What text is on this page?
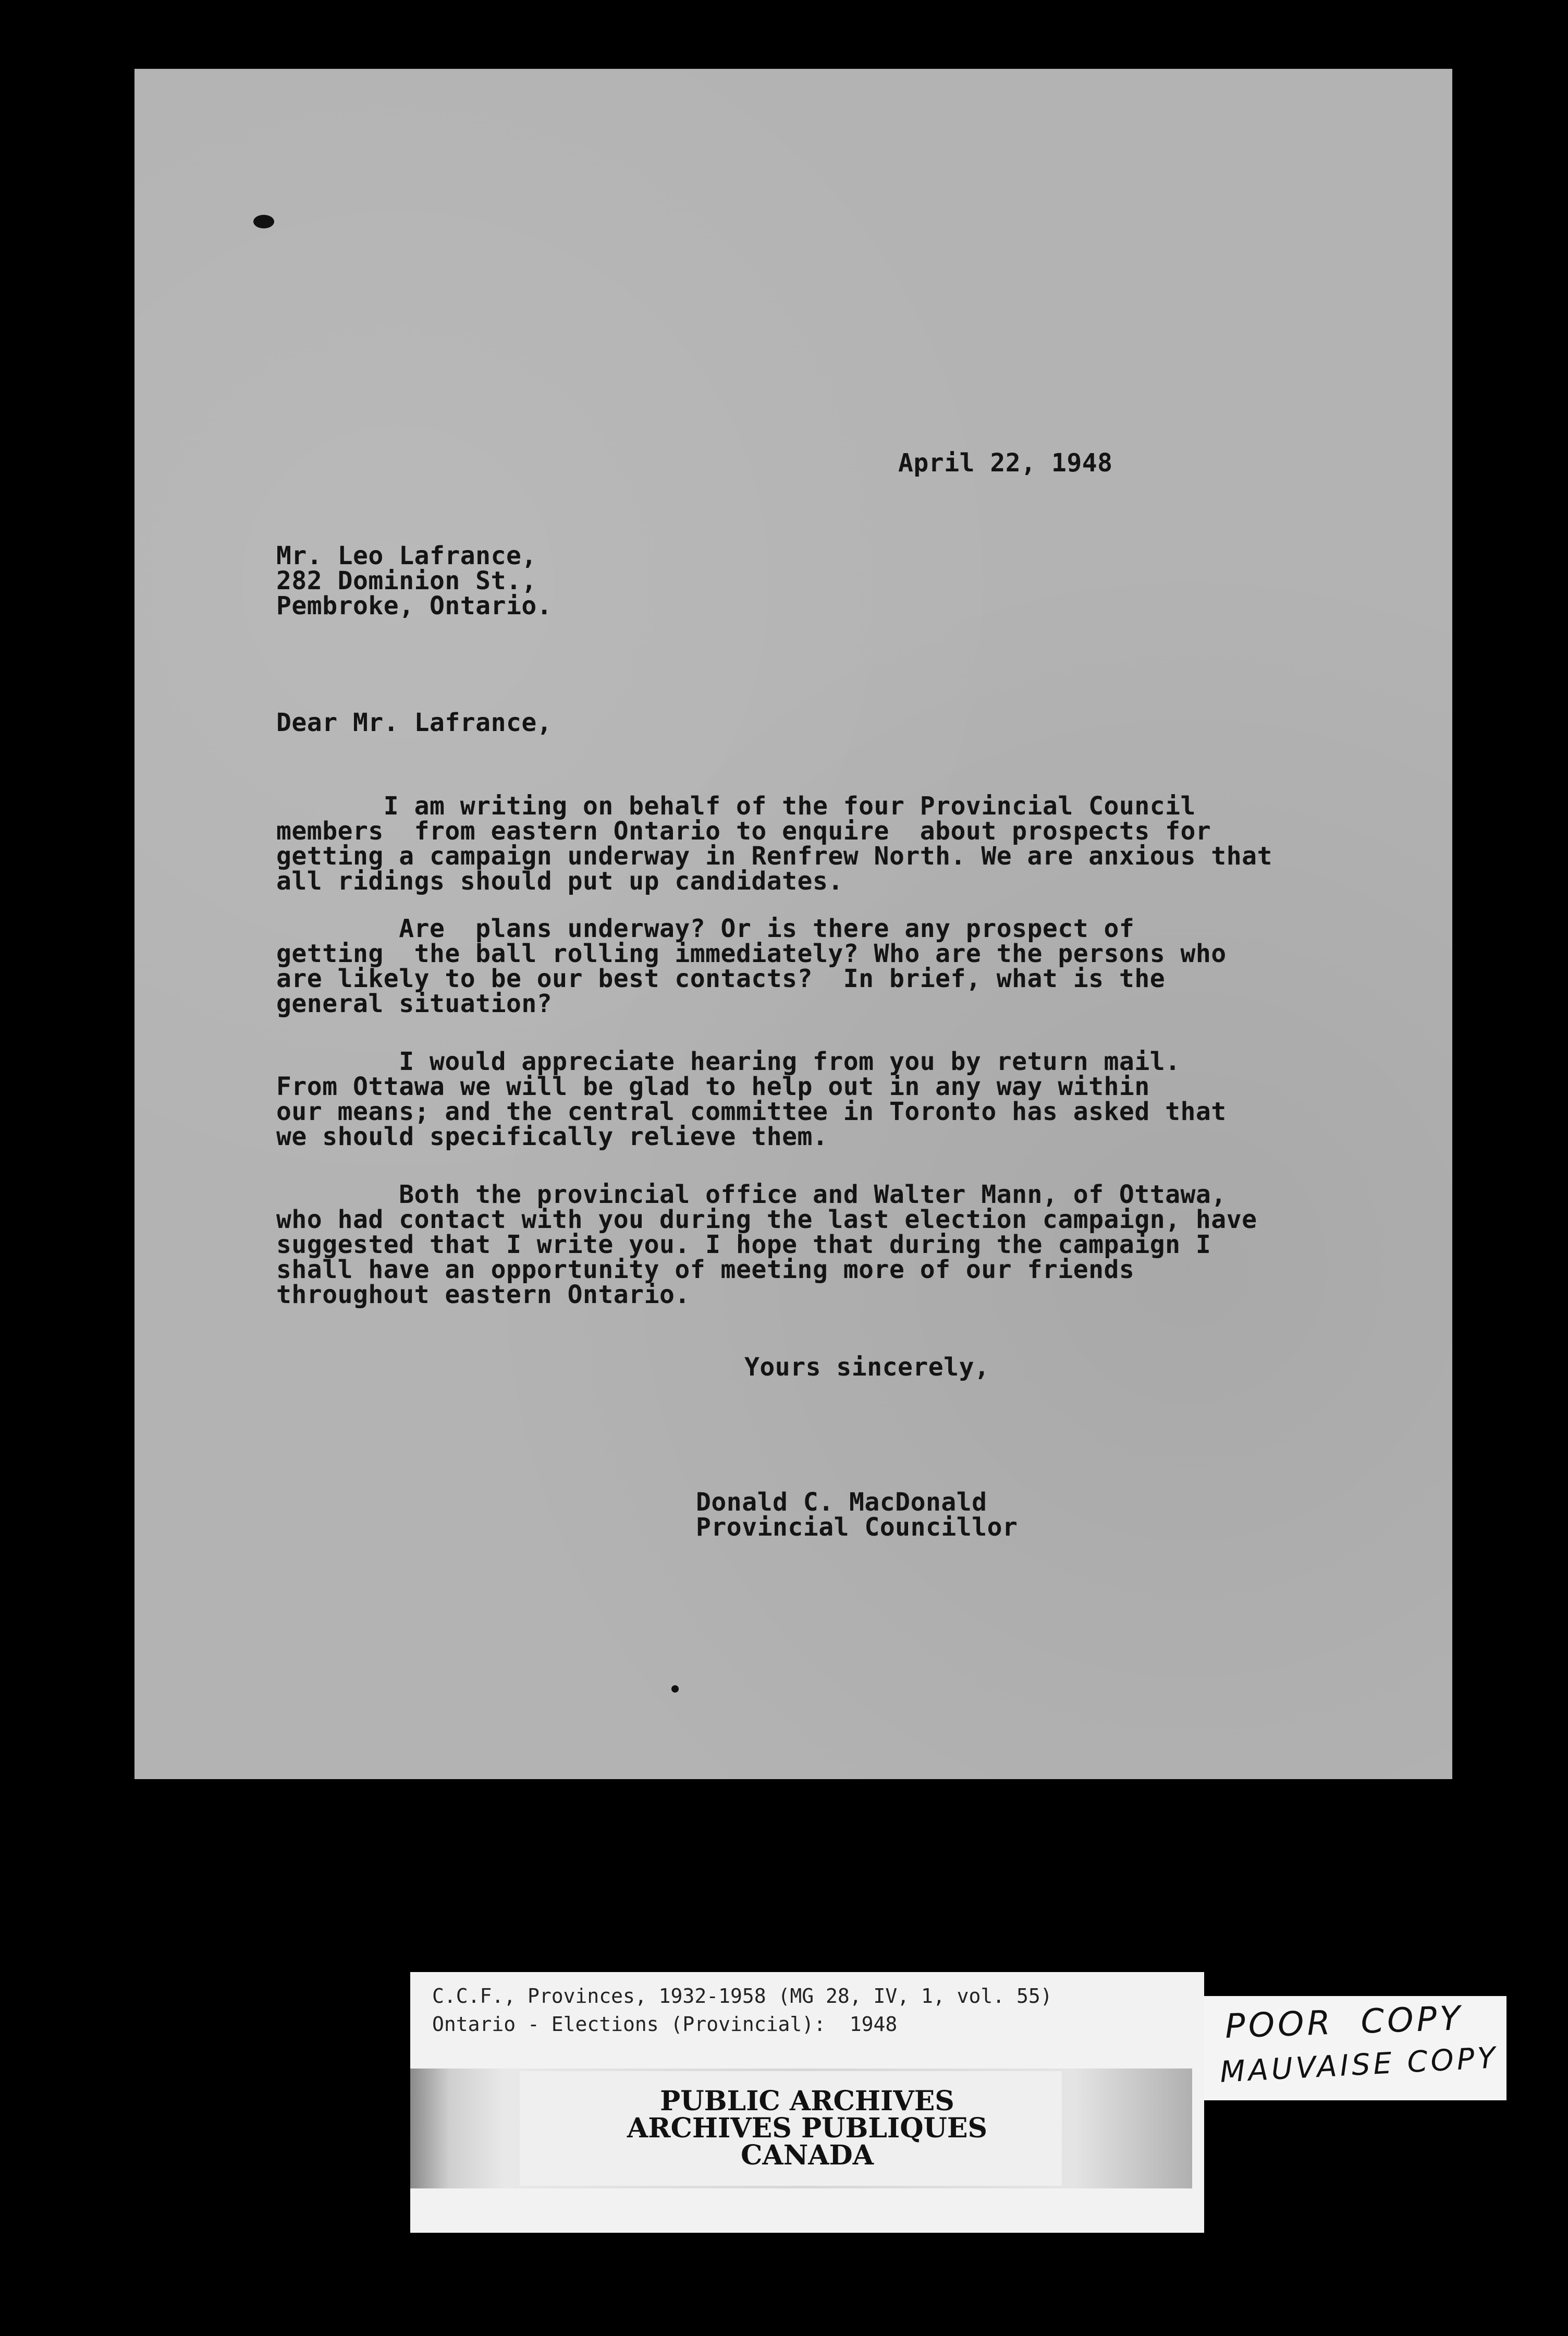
April 22, 1948
Mr. Leo Lafrance,
282 Dominion St.,
Pembroke, Ontario.
Dear Mr. Lafrance,
I am writing on behalf of the four Provincial Council
members  from eastern Ontario to enquire  about prospects for
getting a campaign underway in Renfrew North. We are anxious that
all ridings should put up candidates.
Are  plans underway? Or is there any prospect of
getting  the ball rolling immediately? Who are the persons who
are likely to be our best contacts?  In brief, what is the
general situation?
I would appreciate hearing from you by return mail.
From Ottawa we will be glad to help out in any way within
our means; and the central committee in Toronto has asked that
we should specifically relieve them.
Both the provincial office and Walter Mann, of Ottawa,
who had contact with you during the last election campaign, have
suggested that I write you. I hope that during the campaign I
shall have an opportunity of meeting more of our friends
throughout eastern Ontario.
Yours sincerely,
Donald C. MacDonald
Provincial Councillor
C.C.F., Provinces, 1932-1958 (MG 28, IV, 1, vol. 55)
Ontario - Elections (Provincial):  1948
PUBLIC ARCHIVES
ARCHIVES PUBLIQUES
CANADA
POOR  COPY
MAUVAISE COPY
